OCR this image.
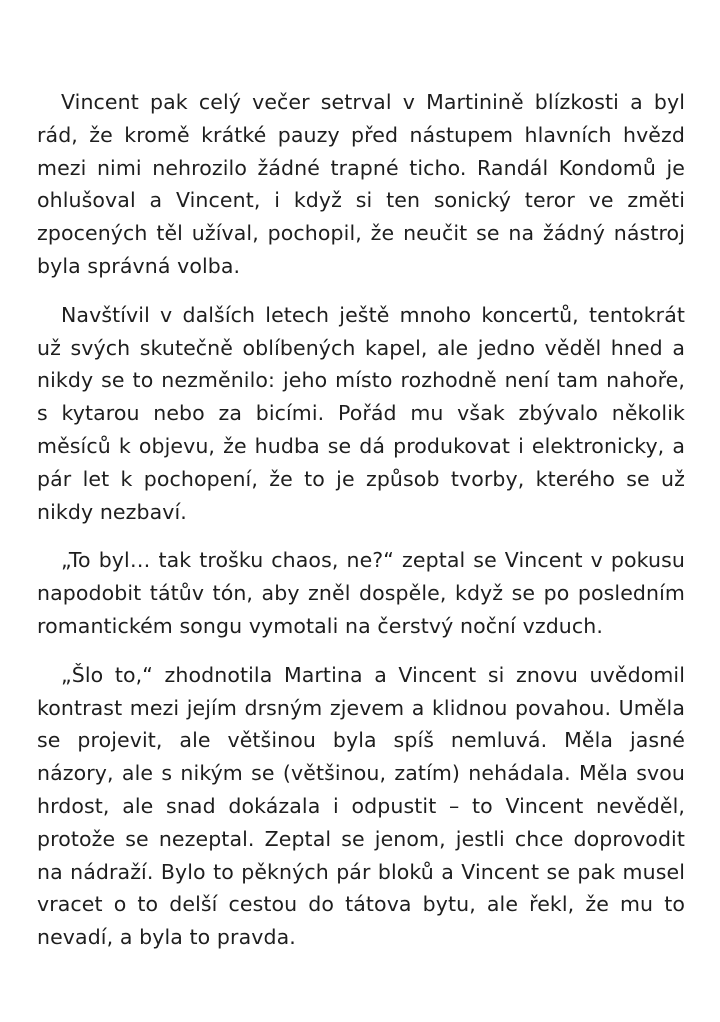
Vincent pak celý večer setrval v Martinině blízkosti a byl rád, že kromě krátké pauzy před nástupem hlavních hvězd mezi nimi nehrozilo žádné trapné ticho. Randál Kondomů je ohlušoval a Vincent, i když si ten sonický teror ve změti zpocených těl užíval, pochopil, že neučit se na žádný nástroj byla správná volba.

Navštívil v dalších letech ještě mnoho koncertů, tentokrát už svých skutečně oblíbených kapel, ale jedno věděl hned a nikdy se to nezměnilo: jeho místo rozhodně není tam nahoře, s kytarou nebo za bicími. Pořád mu však zbývalo několik měsíců k objevu, že hudba se dá produkovat i elektronicky, a pár let k pochopení, že to je způsob tvorby, kterého se už nikdy nezbaví.

„To byl… tak trošku chaos, ne?“ zeptal se Vincent v pokusu napodobit tátův tón, aby zněl dospěle, když se po posledním romantickém songu vymotali na čerstvý noční vzduch.

„Šlo to,“ zhodnotila Martina a Vincent si znovu uvědomil kontrast mezi jejím drsným zjevem a klidnou povahou. Uměla se projevit, ale většinou byla spíš nemluvá. Měla jasné názory, ale s nikým se (většinou, zatím) nehádala. Měla svou hrdost, ale snad dokázala i odpustit – to Vincent nevěděl, protože se nezeptal. Zeptal se jenom, jestli chce doprovodit na nádraží. Bylo to pěkných pár bloků a Vincent se pak musel vracet o to delší cestou do tátova bytu, ale řekl, že mu to nevadí, a byla to pravda.
